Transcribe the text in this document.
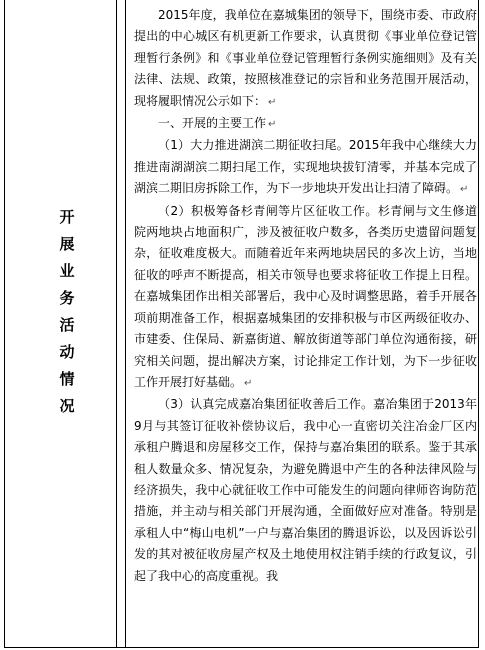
开
展
业
务
活
动
情
况

2015年度，我单位在嘉城集团的领导下，围绕市委、市政府提出的中心城区有机更新工作要求，认真贯彻《事业单位登记管理暂行条例》和《事业单位登记管理暂行条例实施细则》及有关法律、法规、政策，按照核准登记的宗旨和业务范围开展活动，现将履职情况公示如下： ↵

一、开展的主要工作 ↵

（1）大力推进湖滨二期征收扫尾。2015年我中心继续大力推进南湖湖滨二期扫尾工作，实现地块拔钉清零，并基本完成了湖滨二期旧房拆除工作，为下一步地块开发出让扫清了障碍。 ↵

（2）积极筹备杉青闸等片区征收工作。杉青闸与文生修道院两地块占地面积广，涉及被征收户数多，各类历史遗留问题复杂，征收难度极大。而随着近年来两地块居民的多次上访，当地征收的呼声不断提高，相关市领导也要求将征收工作提上日程。在嘉城集团作出相关部署后，我中心及时调整思路，着手开展各项前期准备工作，根据嘉城集团的安排积极与市区两级征收办、市建委、住保局、新嘉街道、解放街道等部门单位沟通衔接，研究相关问题，提出解决方案，讨论排定工作计划，为下一步征收工作开展打好基础。 ↵

（3）认真完成嘉冶集团征收善后工作。嘉冶集团于2013年9月与其签订征收补偿协议后，我中心一直密切关注冶金厂区内承租户腾退和房屋移交工作，保持与嘉冶集团的联系。鉴于其承租人数量众多、情况复杂，为避免腾退中产生的各种法律风险与经济损失，我中心就征收工作中可能发生的问题向律师咨询防范措施，并主动与相关部门开展沟通，全面做好应对准备。特别是承租人中“梅山电机”一户与嘉冶集团的腾退诉讼，以及因诉讼引发的其对被征收房屋产权及土地使用权注销手续的行政复议，引起了我中心的高度重视。我
